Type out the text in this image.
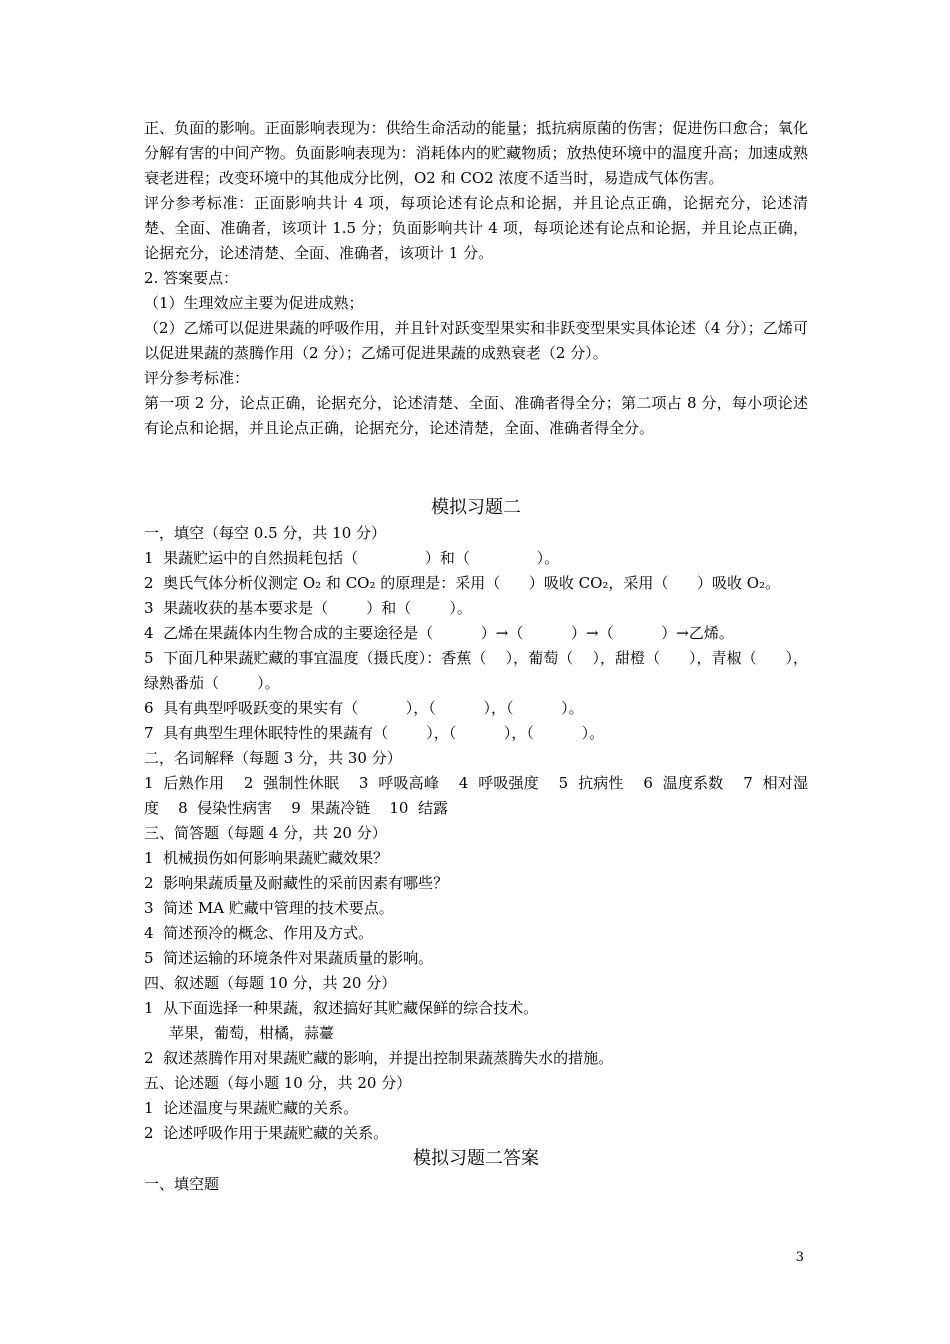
正、负面的影响。正面影响表现为：供给生命活动的能量；抵抗病原菌的伤害；促进伤口愈合；氧化分解有害的中间产物。负面影响表现为：消耗体内的贮藏物质；放热使环境中的温度升高；加速成熟衰老进程；改变环境中的其他成分比例，O2 和 CO2 浓度不适当时，易造成气体伤害。

评分参考标准：正面影响共计 4 项，每项论述有论点和论据，并且论点正确，论据充分，论述清楚、全面、准确者，该项计 1.5 分；负面影响共计 4 项，每项论述有论点和论据，并且论点正确，论据充分，论述清楚、全面、准确者，该项计 1 分。

2. 答案要点：

（1）生理效应主要为促进成熟；

（2）乙烯可以促进果蔬的呼吸作用，并且针对跃变型果实和非跃变型果实具体论述（4 分）；乙烯可以促进果蔬的蒸腾作用（2 分）；乙烯可促进果蔬的成熟衰老（2 分）。

评分参考标准：

第一项 2 分，论点正确，论据充分，论述清楚、全面、准确者得全分；第二项占 8 分，每小项论述有论点和论据，并且论点正确，论据充分，论述清楚，全面、准确者得全分。

模拟习题二

一，填空（每空 0.5 分，共 10 分）

1  果蔬贮运中的自然损耗包括（              ）和（              ）。

2  奥氏气体分析仪测定 O₂ 和 CO₂ 的原理是：采用（      ）吸收 CO₂，采用（      ）吸收 O₂。

3  果蔬收获的基本要求是（        ）和（        ）。

4  乙烯在果蔬体内生物合成的主要途径是（          ）→（          ）→（          ）→乙烯。

5  下面几种果蔬贮藏的事宜温度（摄氏度）：香蕉（    ），葡萄（    ），甜橙（      ），青椒（      ），绿熟番茄（        ）。

6  具有典型呼吸跃变的果实有（          ），（          ），（          ）。

7  具有典型生理休眠特性的果蔬有（        ），（          ），（          ）。

二，名词解释（每题 3 分，共 30 分）

1  后熟作用    2  强制性休眠    3  呼吸高峰    4  呼吸强度    5  抗病性    6  温度系数    7  相对湿度    8  侵染性病害    9  果蔬冷链    10  结露

三、简答题（每题 4 分，共 20 分）

1  机械损伤如何影响果蔬贮藏效果？

2  影响果蔬质量及耐藏性的采前因素有哪些？

3  简述 MA 贮藏中管理的技术要点。

4  简述预冷的概念、作用及方式。

5  简述运输的环境条件对果蔬质量的影响。

四、叙述题（每题 10 分，共 20 分）

1  从下面选择一种果蔬，叙述搞好其贮藏保鲜的综合技术。

苹果，葡萄，柑橘，蒜薹

2  叙述蒸腾作用对果蔬贮藏的影响，并提出控制果蔬蒸腾失水的措施。

五、论述题（每小题 10 分，共 20 分）

1  论述温度与果蔬贮藏的关系。

2  论述呼吸作用于果蔬贮藏的关系。

模拟习题二答案

一、填空题

3
